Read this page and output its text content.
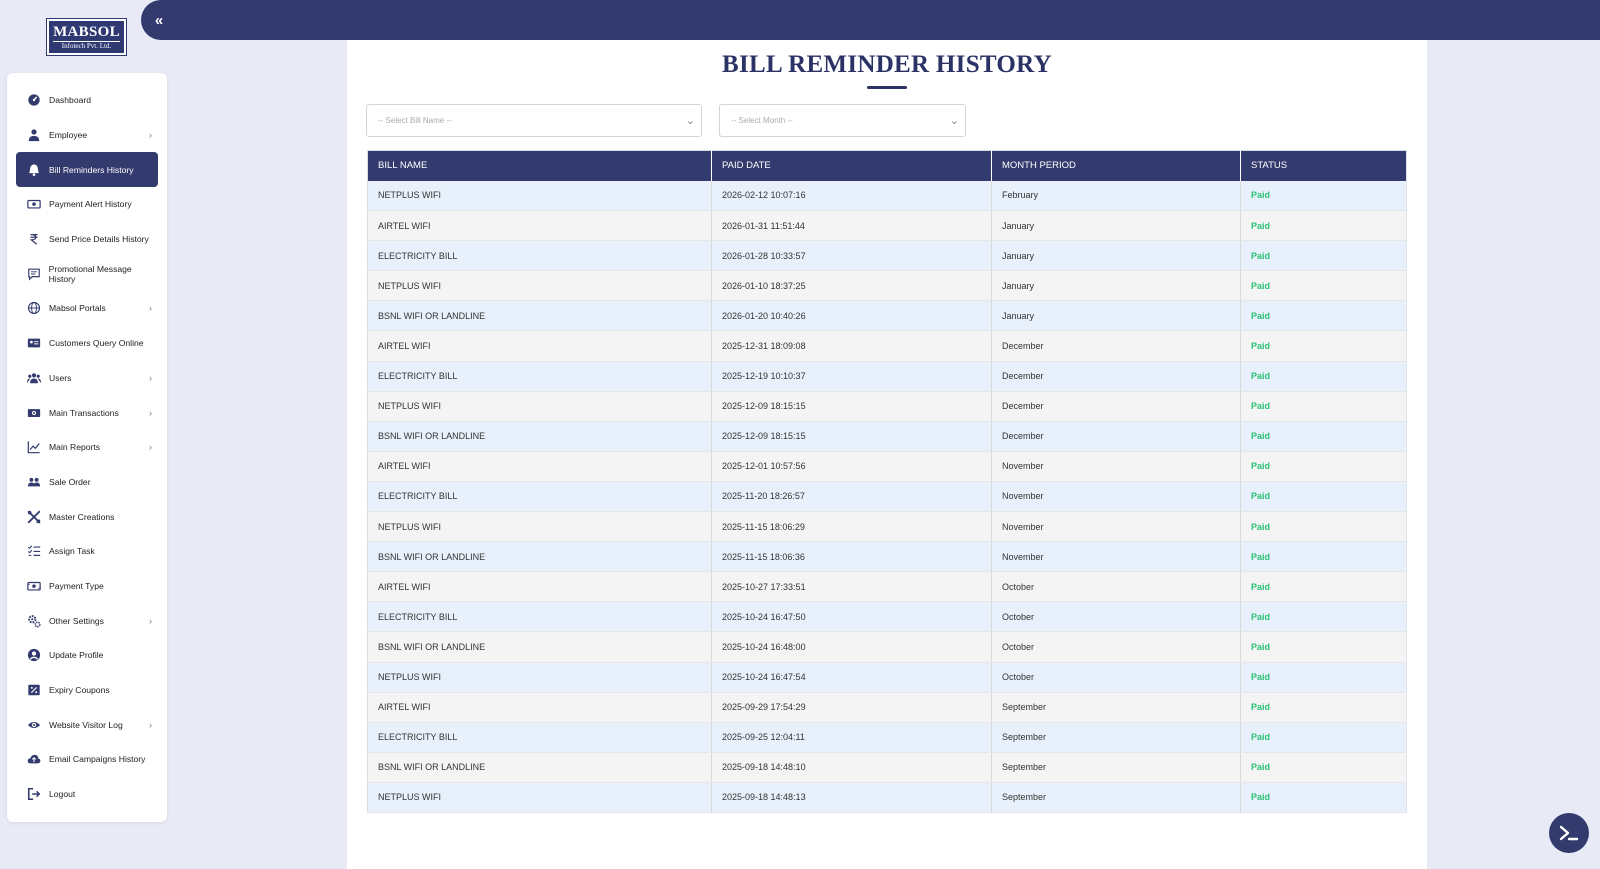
«
MABSOL
Infotech Pvt. Ltd.
Dashboard
Employee	›
Bill Reminders History
Payment Alert History
Send Price Details History
Promotional Message History
Mabsol Portals	›
Customers Query Online
Users	›
Main Transactions	›
Main Reports	›
Sale Order
Master Creations
Assign Task
Payment Type
Other Settings	›
Update Profile
Expiry Coupons
Website Visitor Log	›
Email Campaigns History
Logout
BILL REMINDER HISTORY
-- Select Bill Name --	⌄	-- Select Month --	⌄
BILL NAME	PAID DATE	MONTH PERIOD	STATUS
NETPLUS WIFI	2026-02-12 10:07:16	February	Paid
AIRTEL WIFI	2026-01-31 11:51:44	January	Paid
ELECTRICITY BILL	2026-01-28 10:33:57	January	Paid
NETPLUS WIFI	2026-01-10 18:37:25	January	Paid
BSNL WIFI OR LANDLINE	2026-01-20 10:40:26	January	Paid
AIRTEL WIFI	2025-12-31 18:09:08	December	Paid
ELECTRICITY BILL	2025-12-19 10:10:37	December	Paid
NETPLUS WIFI	2025-12-09 18:15:15	December	Paid
BSNL WIFI OR LANDLINE	2025-12-09 18:15:15	December	Paid
AIRTEL WIFI	2025-12-01 10:57:56	November	Paid
ELECTRICITY BILL	2025-11-20 18:26:57	November	Paid
NETPLUS WIFI	2025-11-15 18:06:29	November	Paid
BSNL WIFI OR LANDLINE	2025-11-15 18:06:36	November	Paid
AIRTEL WIFI	2025-10-27 17:33:51	October	Paid
ELECTRICITY BILL	2025-10-24 16:47:50	October	Paid
BSNL WIFI OR LANDLINE	2025-10-24 16:48:00	October	Paid
NETPLUS WIFI	2025-10-24 16:47:54	October	Paid
AIRTEL WIFI	2025-09-29 17:54:29	September	Paid
ELECTRICITY BILL	2025-09-25 12:04:11	September	Paid
BSNL WIFI OR LANDLINE	2025-09-18 14:48:10	September	Paid
NETPLUS WIFI	2025-09-18 14:48:13	September	Paid
